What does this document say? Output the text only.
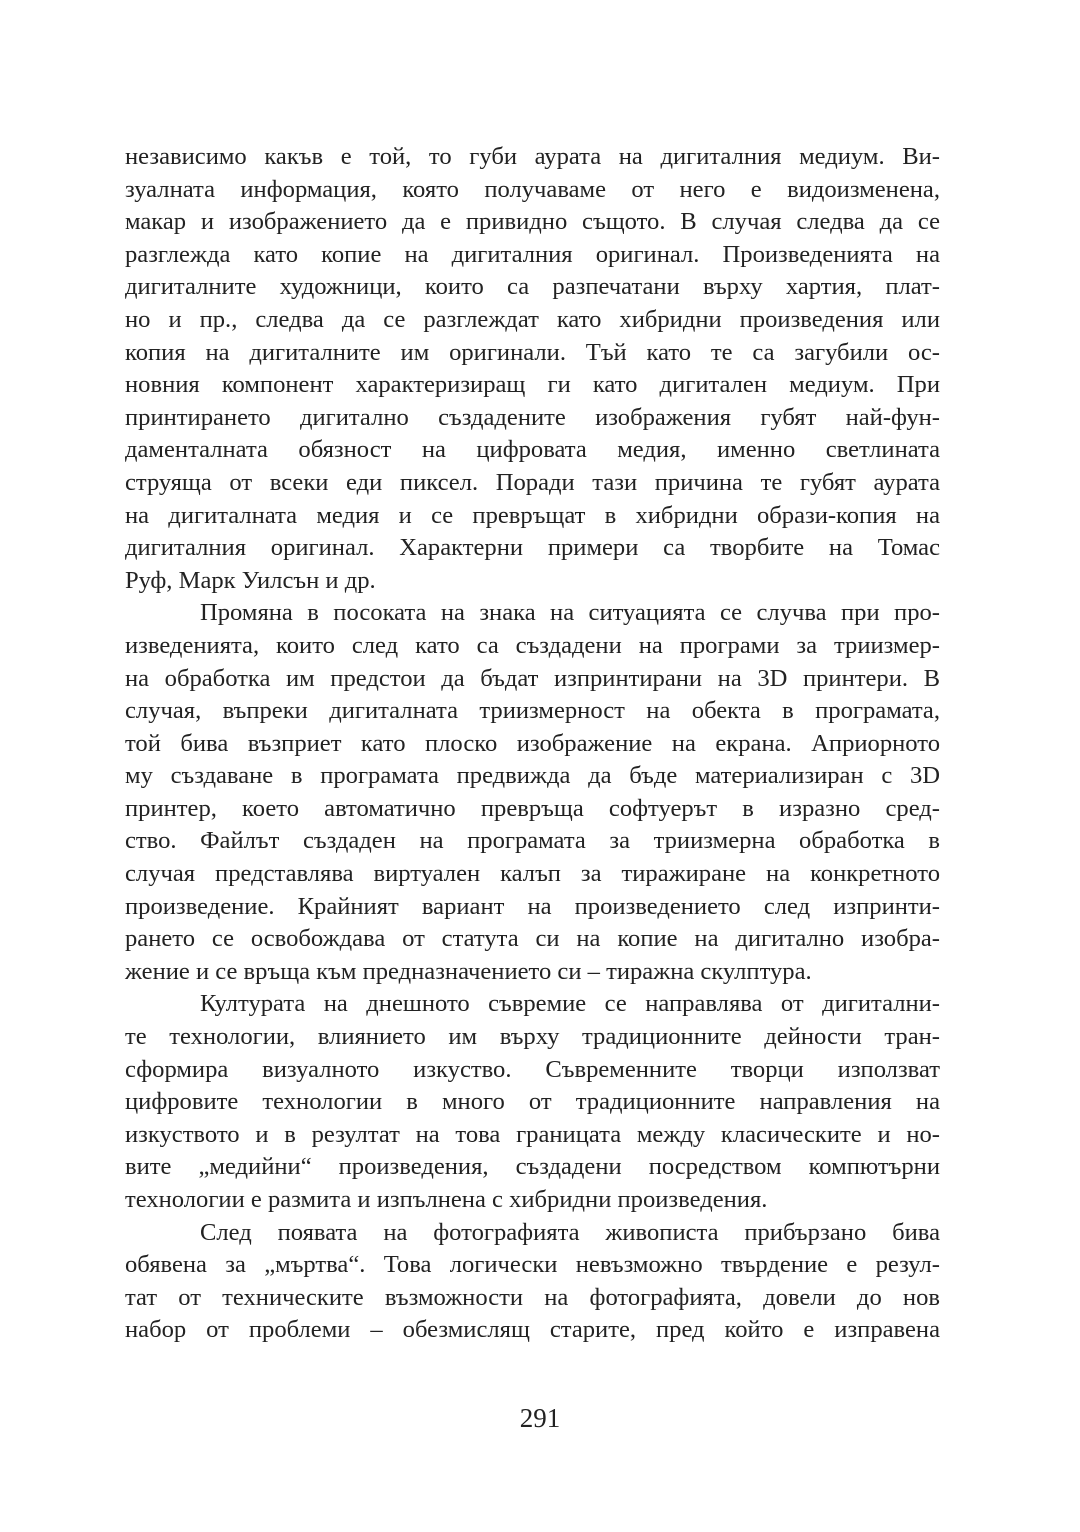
независимо какъв е той, то губи аурата на дигиталния медиум. Ви-
зуалната информация, която получаваме от него е видоизменена,
макар и изображението да е привидно същото. В случая следва да се
разглежда като копие на дигиталния оригинал. Произведенията на
дигиталните художници, които са разпечатани върху хартия, плат-
но и пр., следва да се разглеждат като хибридни произведения или
копия на дигиталните им оригинали. Тъй като те са загубили ос-
новния компонент характеризиращ ги като дигитален медиум. При
принтирането дигитално създадените изображения губят най-фун-
даменталната обязност на цифровата медия, именно светлината
струяща от всеки еди пиксел. Поради тази причина те губят аурата
на дигиталната медия и се превръщат в хибридни образи-копия на
дигиталния оригинал. Характерни примери са творбите на Томас
Руф, Марк Уилсън и др.
Промяна в посоката на знака на ситуацията се случва при про-
изведенията, които след като са създадени на програми за триизмер-
на обработка им предстои да бъдат изпринтирани на 3D принтери. В
случая, въпреки дигиталната триизмерност на обекта в програмата,
той бива възприет като плоско изображение на екрана. Априорното
му създаване в програмата предвижда да бъде материализиран с 3D
принтер, което автоматично превръща софтуерът в изразно сред-
ство. Файлът създаден на програмата за триизмерна обработка в
случая представлява виртуален калъп за тиражиране на конкретното
произведение. Крайният вариант на произведението след изпринти-
рането се освобождава от статута си на копие на дигитално изобра-
жение и се връща към предназначението си – тиражна скулптура.
Културата на днешното съвремие се направлява от дигитални-
те технологии, влиянието им върху традиционните дейности тран-
сформира визуалното изкуство. Съвременните творци използват
цифровите технологии в много от традиционните направления на
изкуството и в резултат на това границата между класическите и но-
вите „медийни“ произведения, създадени посредством компютърни
технологии е размита и изпълнена с хибридни произведения.
След появата на фотографията живописта прибързано бива
обявена за „мъртва“. Това логически невъзможно твърдение е резул-
тат от техническите възможности на фотографията, довели до нов
набор от проблеми – обезмислящ старите, пред който е изправена
291
